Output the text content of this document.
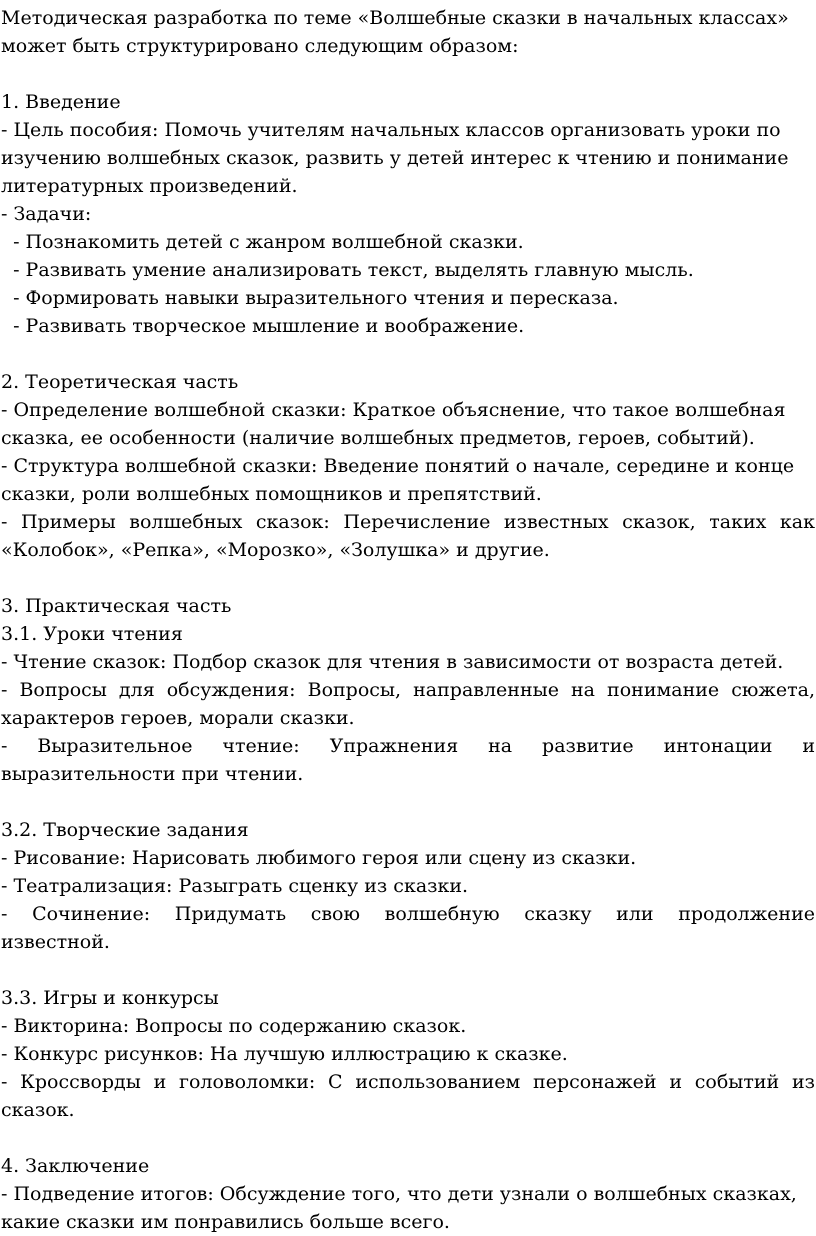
Методическая разработка по теме «Волшебные сказки в начальных классах»
может быть структурировано следующим образом:
1. Введение
- Цель пособия: Помочь учителям начальных классов организовать уроки по
изучению волшебных сказок, развить у детей интерес к чтению и понимание
литературных произведений.
- Задачи:
- Познакомить детей с жанром волшебной сказки.
- Развивать умение анализировать текст, выделять главную мысль.
- Формировать навыки выразительного чтения и пересказа.
- Развивать творческое мышление и воображение.
2. Теоретическая часть
- Определение волшебной сказки: Краткое объяснение, что такое волшебная
сказка, ее особенности (наличие волшебных предметов, героев, событий).
- Структура волшебной сказки: Введение понятий о начале, середине и конце
сказки, роли волшебных помощников и препятствий.
- Примеры волшебных сказок: Перечисление известных сказок, таких как
«Колобок», «Репка», «Морозко», «Золушка» и другие.
3. Практическая часть
3.1. Уроки чтения
- Чтение сказок: Подбор сказок для чтения в зависимости от возраста детей.
- Вопросы для обсуждения: Вопросы, направленные на понимание сюжета,
характеров героев, морали сказки.
- Выразительное чтение: Упражнения на развитие интонации и
выразительности при чтении.
3.2. Творческие задания
- Рисование: Нарисовать любимого героя или сцену из сказки.
- Театрализация: Разыграть сценку из сказки.
- Сочинение: Придумать свою волшебную сказку или продолжение
известной.
3.3. Игры и конкурсы
- Викторина: Вопросы по содержанию сказок.
- Конкурс рисунков: На лучшую иллюстрацию к сказке.
- Кроссворды и головоломки: С использованием персонажей и событий из
сказок.
4. Заключение
- Подведение итогов: Обсуждение того, что дети узнали о волшебных сказках,
какие сказки им понравились больше всего.
